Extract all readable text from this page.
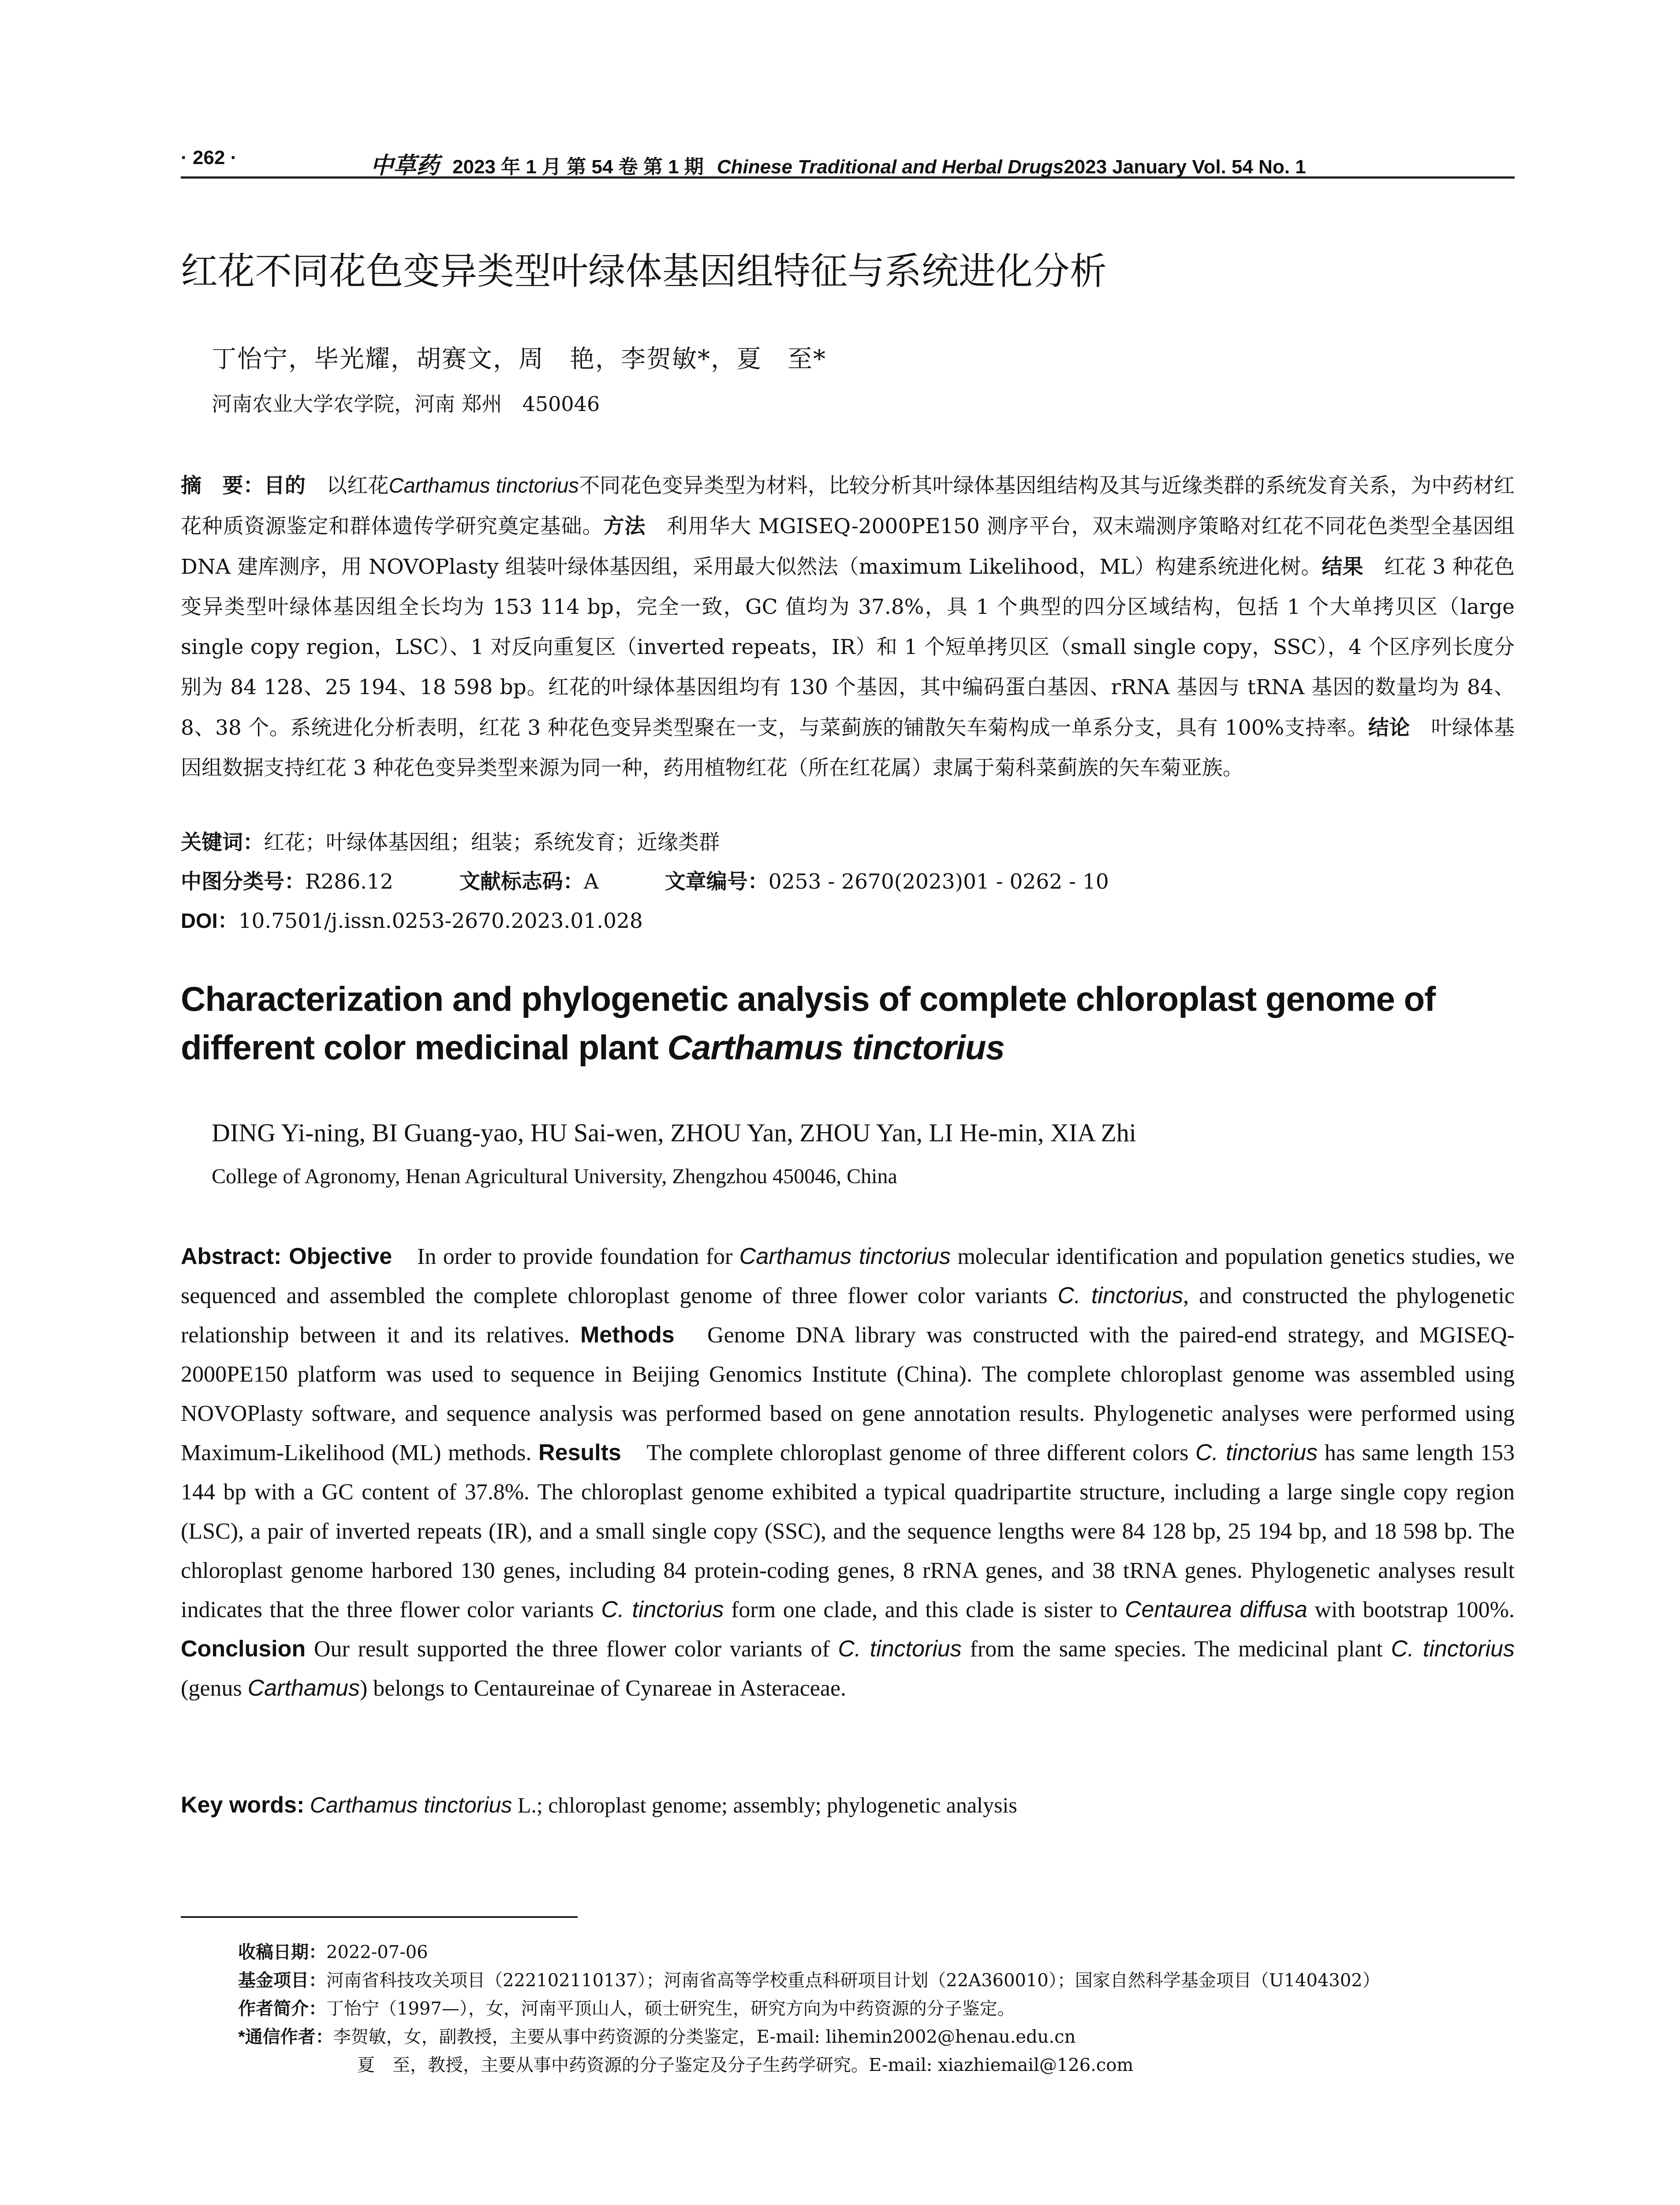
· 262 ·	中草药 2023 年 1 月 第 54 卷 第 1 期 Chinese Traditional and Herbal Drugs2023 January Vol. 54 No. 1
红花不同花色变异类型叶绿体基因组特征与系统进化分析
丁怡宁，毕光耀，胡赛文，周　艳，李贺敏*，夏　至*
河南农业大学农学院，河南 郑州　450046
摘　要：目的　以红花Carthamus tinctorius不同花色变异类型为材料，比较分析其叶绿体基因组结构及其与近缘类群的系统发育关系，为中药材红花种质资源鉴定和群体遗传学研究奠定基础。方法　利用华大 MGISEQ-2000PE150 测序平台，双末端测序策略对红花不同花色类型全基因组 DNA 建库测序，用 NOVOPlasty 组装叶绿体基因组，采用最大似然法（maximum Likelihood，ML）构建系统进化树。结果　红花 3 种花色变异类型叶绿体基因组全长均为 153 114 bp，完全一致，GC 值均为 37.8%，具 1 个典型的四分区域结构，包括 1 个大单拷贝区（large single copy region，LSC）、1 对反向重复区（inverted repeats，IR）和 1 个短单拷贝区（small single copy，SSC），4 个区序列长度分别为 84 128、25 194、18 598 bp。红花的叶绿体基因组均有 130 个基因，其中编码蛋白基因、rRNA 基因与 tRNA 基因的数量均为 84、8、38 个。系统进化分析表明，红花 3 种花色变异类型聚在一支，与菜蓟族的铺散矢车菊构成一单系分支，具有 100%支持率。结论　叶绿体基因组数据支持红花 3 种花色变异类型来源为同一种，药用植物红花（所在红花属）隶属于菊科菜蓟族的矢车菊亚族。
关键词：红花；叶绿体基因组；组装；系统发育；近缘类群
中图分类号：R286.12	文献标志码：A	文章编号：0253 - 2670(2023)01 - 0262 - 10
DOI：10.7501/j.issn.0253-2670.2023.01.028
Characterization and phylogenetic analysis of complete chloroplast genome of different color medicinal plant Carthamus tinctorius
DING Yi-ning, BI Guang-yao, HU Sai-wen, ZHOU Yan, ZHOU Yan, LI He-min, XIA Zhi
College of Agronomy, Henan Agricultural University, Zhengzhou 450046, China
Abstract: Objective　In order to provide foundation for Carthamus tinctorius molecular identification and population genetics studies, we sequenced and assembled the complete chloroplast genome of three flower color variants C. tinctorius, and constructed the phylogenetic relationship between it and its relatives. Methods　Genome DNA library was constructed with the paired-end strategy, and MGISEQ-2000PE150 platform was used to sequence in Beijing Genomics Institute (China). The complete chloroplast genome was assembled using NOVOPlasty software, and sequence analysis was performed based on gene annotation results. Phylogenetic analyses were performed using Maximum-Likelihood (ML) methods. Results　The complete chloroplast genome of three different colors C. tinctorius has same length 153 144 bp with a GC content of 37.8%. The chloroplast genome exhibited a typical quadripartite structure, including a large single copy region (LSC), a pair of inverted repeats (IR), and a small single copy (SSC), and the sequence lengths were 84 128 bp, 25 194 bp, and 18 598 bp. The chloroplast genome harbored 130 genes, including 84 protein-coding genes, 8 rRNA genes, and 38 tRNA genes. Phylogenetic analyses result indicates that the three flower color variants C. tinctorius form one clade, and this clade is sister to Centaurea diffusa with bootstrap 100%. Conclusion Our result supported the three flower color variants of C. tinctorius from the same species. The medicinal plant C. tinctorius (genus Carthamus) belongs to Centaureinae of Cynareae in Asteraceae.
Key words: Carthamus tinctorius L.; chloroplast genome; assembly; phylogenetic analysis
收稿日期：2022-07-06
基金项目：河南省科技攻关项目（222102110137）；河南省高等学校重点科研项目计划（22A360010）；国家自然科学基金项目（U1404302）
作者简介：丁怡宁（1997—），女，河南平顶山人，硕士研究生，研究方向为中药资源的分子鉴定。
*通信作者：李贺敏，女，副教授，主要从事中药资源的分类鉴定，E-mail: lihemin2002@henau.edu.cn
夏　至，教授，主要从事中药资源的分子鉴定及分子生药学研究。E-mail: xiazhiemail@126.com
